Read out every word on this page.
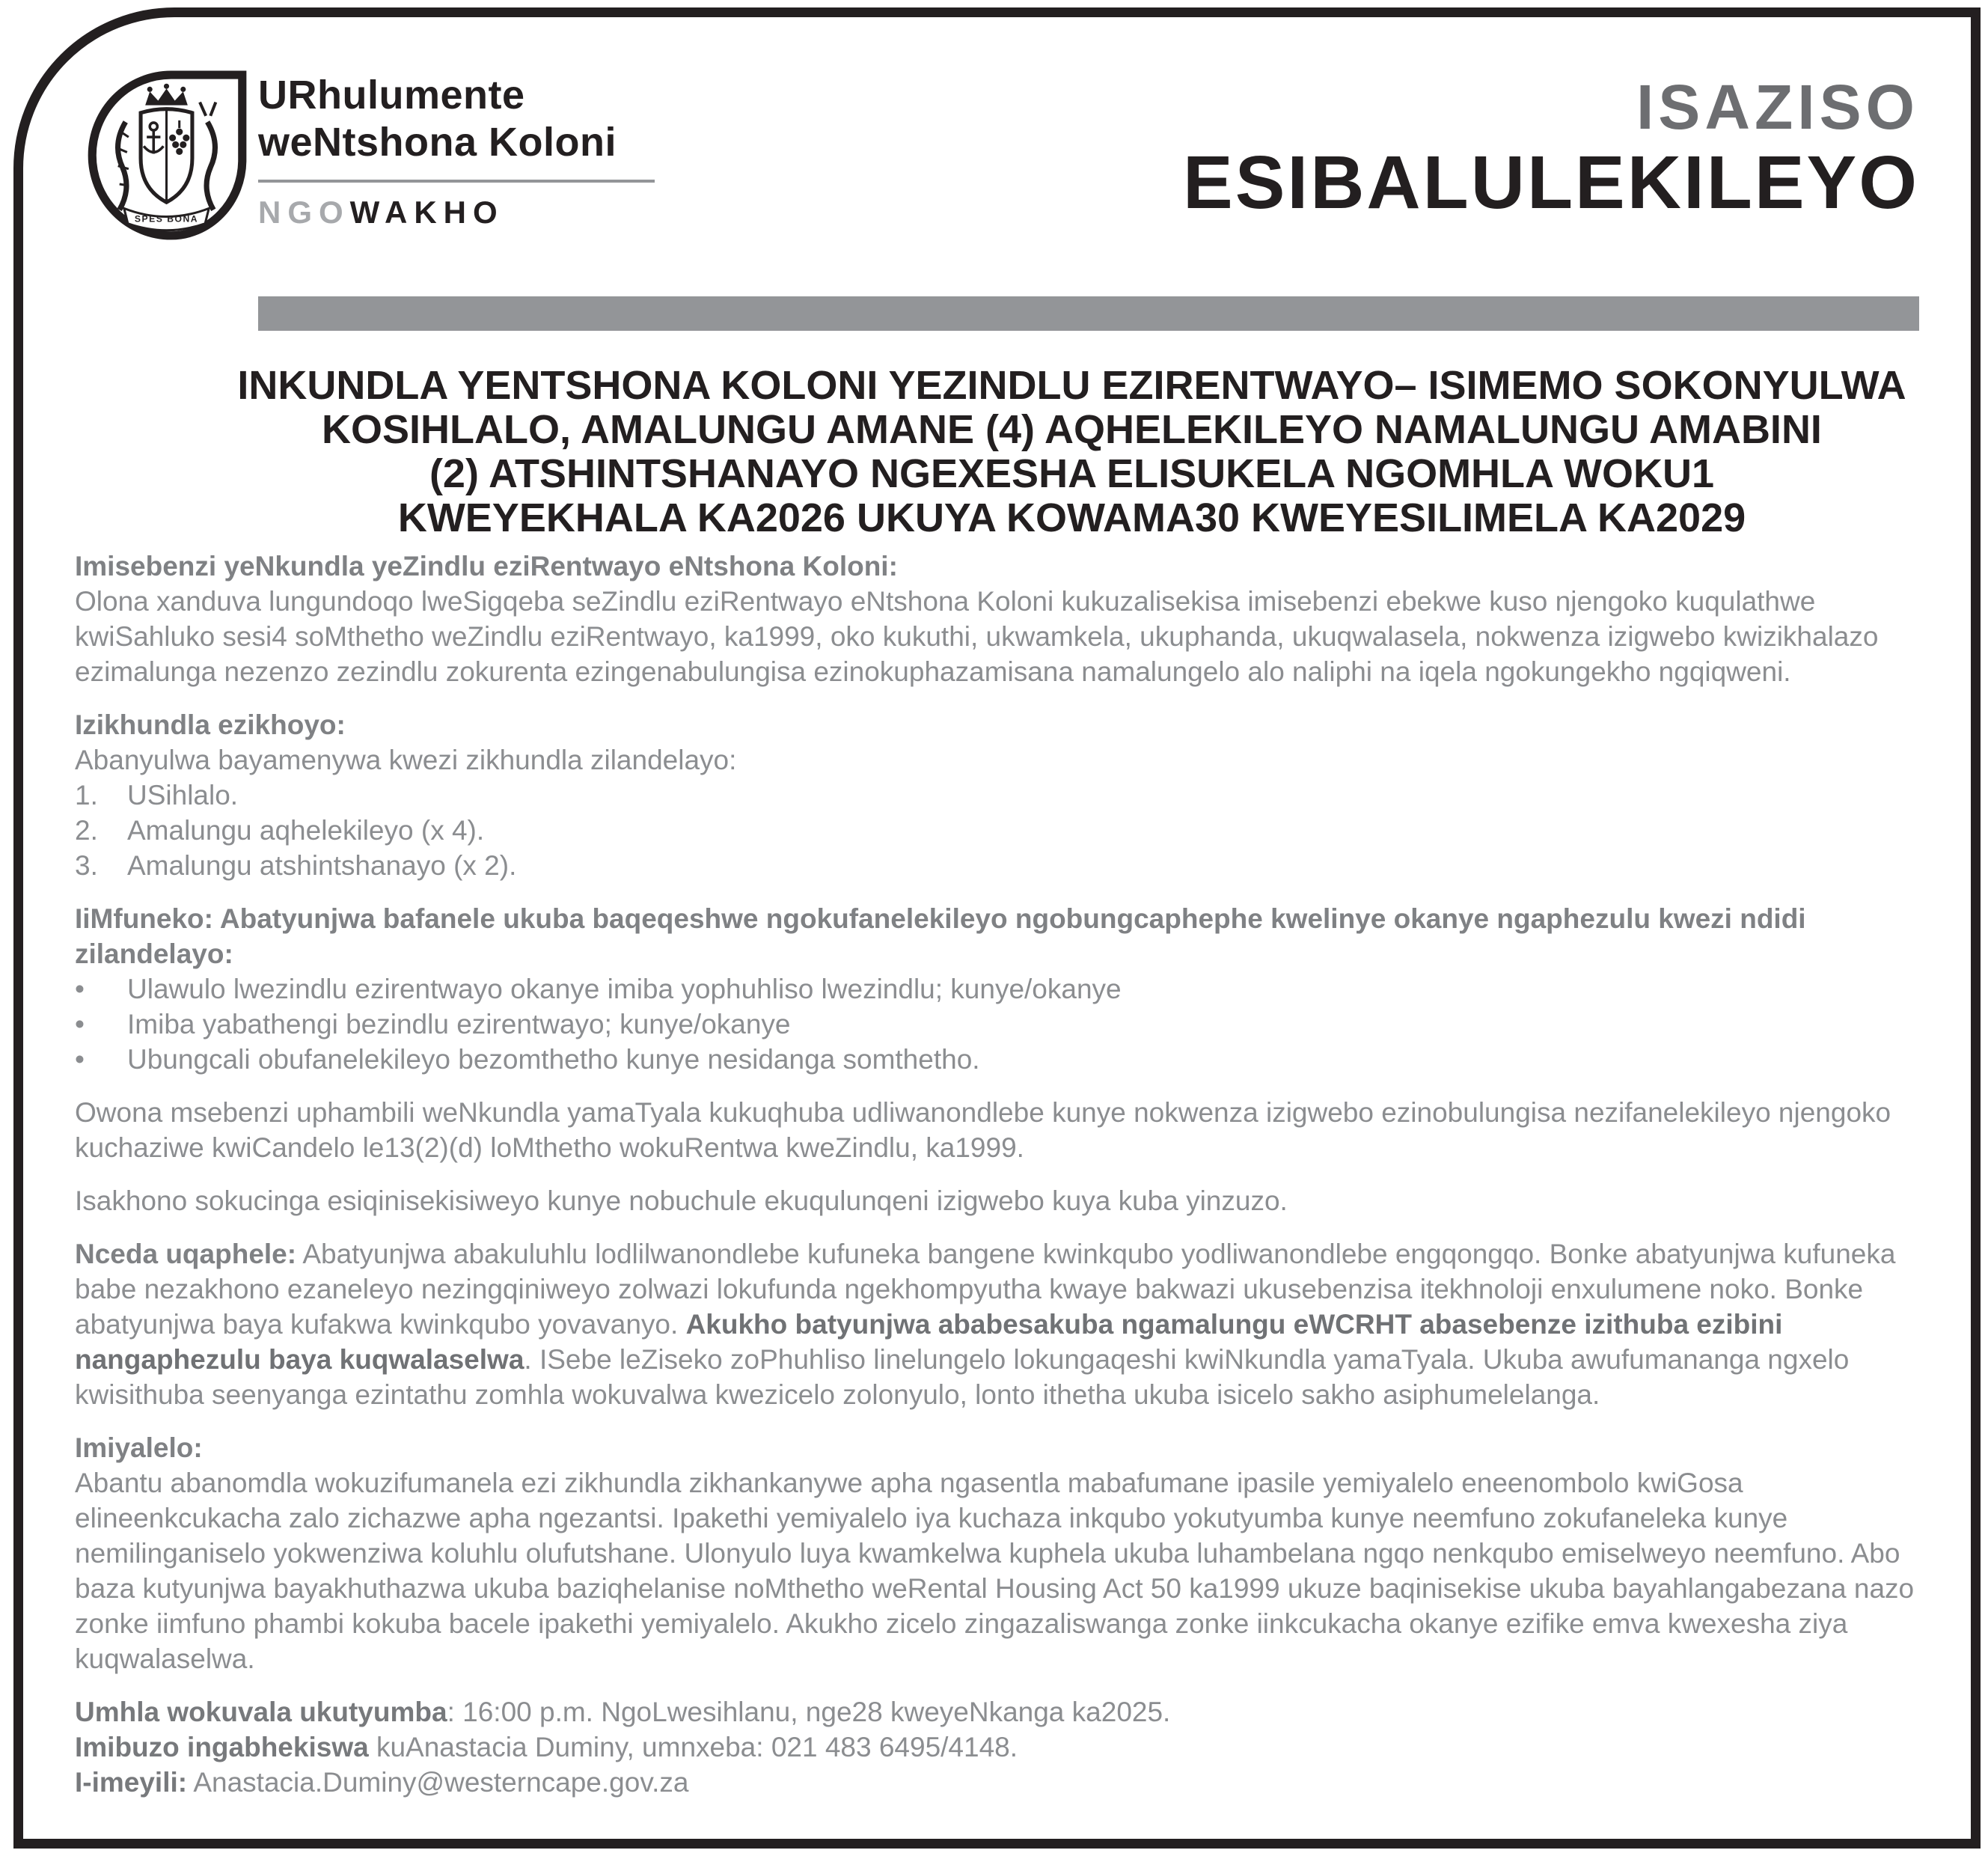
SPES BONA
URhulumente
weNtshona Koloni
NGOWAKHO
ISAZISO
ESIBALULEKILEYO
INKUNDLA YENTSHONA KOLONI YEZINDLU EZIRENTWAYO– ISIMEMO SOKONYULWA
KOSIHLALO, AMALUNGU AMANE (4) AQHELEKILEYO NAMALUNGU AMABINI
(2) ATSHINTSHANAYO NGEXESHA ELISUKELA NGOMHLA WOKU1
KWEYEKHALA KA2026 UKUYA KOWAMA30 KWEYESILIMELA KA2029
Imisebenzi yeNkundla yeZindlu eziRentwayo eNtshona Koloni:
Olona xanduva lungundoqo lweSigqeba seZindlu eziRentwayo eNtshona Koloni kukuzalisekisa imisebenzi ebekwe kuso njengoko kuqulathwe kwiSahluko sesi4 soMthetho weZindlu eziRentwayo, ka1999, oko kukuthi, ukwamkela, ukuphanda, ukuqwalasela, nokwenza izigwebo kwizikhalazo ezimalunga nezenzo zezindlu zokurenta ezingenabulungisa ezinokuphazamisana namalungelo alo naliphi na iqela ngokungekho ngqiqweni.
Izikhundla ezikhoyo:
Abanyulwa bayamenywa kwezi zikhundla zilandelayo:
1.	USihlalo.
2.	Amalungu aqhelekileyo (x 4).
3.	Amalungu atshintshanayo (x 2).
IiMfuneko: Abatyunjwa bafanele ukuba baqeqeshwe ngokufanelekileyo ngobungcaphephe kwelinye okanye ngaphezulu kwezi ndidi zilandelayo:
•	Ulawulo lwezindlu ezirentwayo okanye imiba yophuhliso lwezindlu; kunye/okanye
•	Imiba yabathengi bezindlu ezirentwayo; kunye/okanye
•	Ubungcali obufanelekileyo bezomthetho kunye nesidanga somthetho.
Owona msebenzi uphambili weNkundla yamaTyala kukuqhuba udliwanondlebe kunye nokwenza izigwebo ezinobulungisa nezifanelekileyo njengoko kuchaziwe kwiCandelo le13(2)(d) loMthetho wokuRentwa kweZindlu, ka1999.
Isakhono sokucinga esiqinisekisiweyo kunye nobuchule ekuqulunqeni izigwebo kuya kuba yinzuzo.
Nceda uqaphele: Abatyunjwa abakuluhlu lodlilwanondlebe kufuneka bangene kwinkqubo yodliwanondlebe engqongqo. Bonke abatyunjwa kufuneka babe nezakhono ezaneleyo nezingqiniweyo zolwazi lokufunda ngekhompyutha kwaye bakwazi ukusebenzisa itekhnoloji enxulumene noko. Bonke abatyunjwa baya kufakwa kwinkqubo yovavanyo. Akukho batyunjwa ababesakuba ngamalungu eWCRHT abasebenze izithuba ezibini nangaphezulu baya kuqwalaselwa. ISebe leZiseko zoPhuhliso linelungelo lokungaqeshi kwiNkundla yamaTyala. Ukuba awufumananga ngxelo kwisithuba seenyanga ezintathu zomhla wokuvalwa kwezicelo zolonyulo, lonto ithetha ukuba isicelo sakho asiphumelelanga.
Imiyalelo:
Abantu abanomdla wokuzifumanela ezi zikhundla zikhankanywe apha ngasentla mabafumane ipasile yemiyalelo eneenombolo kwiGosa elineenkcukacha zalo zichazwe apha ngezantsi. Ipakethi yemiyalelo iya kuchaza inkqubo yokutyumba kunye neemfuno zokufaneleka kunye nemilinganiselo yokwenziwa koluhlu olufutshane. Ulonyulo luya kwamkelwa kuphela ukuba luhambelana ngqo nenkqubo emiselweyo neemfuno. Abo baza kutyunjwa bayakhuthazwa ukuba baziqhelanise noMthetho weRental Housing Act 50 ka1999 ukuze baqinisekise ukuba bayahlangabezana nazo zonke iimfuno phambi kokuba bacele ipakethi yemiyalelo. Akukho zicelo zingazaliswanga zonke iinkcukacha okanye ezifike emva kwexesha ziya kuqwalaselwa.
Umhla wokuvala ukutyumba: 16:00 p.m. NgoLwesihlanu, nge28 kweyeNkanga ka2025.
Imibuzo ingabhekiswa kuAnastacia Duminy, umnxeba: 021 483 6495/4148.
I-imeyili: Anastacia.Duminy@westerncape.gov.za
